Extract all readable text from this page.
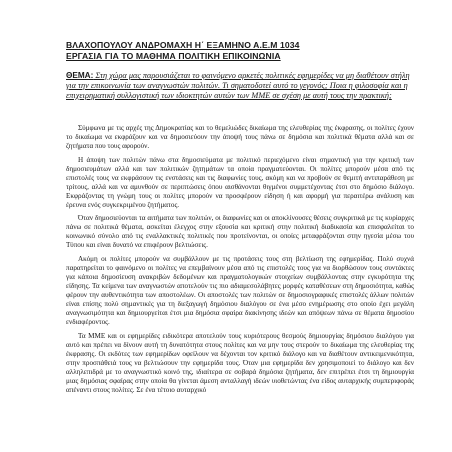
ΒΛΑΧΟΠΟΥΛΟΥ ΑΝΔΡΟΜΑΧΗ Η΄ ΕΞΑΜΗΝΟ Α.Ε.Μ 1034
ΕΡΓΑΣΙΑ ΓΙΑ ΤΟ ΜΑΘΗΜΑ ΠΟΛΙΤΙΚΗ ΕΠΙΚΟΙΝΩΝΙΑ
ΘΕΜΑ: Στη χώρα μας παρουσιάζεται το φαινόμενο αρκετές πολιτικές εφημερίδες να μη διαθέτουν στήλη για την επικοινωνία των αναγνωστών πολιτών. Τι σηματοδοτεί αυτό το γεγονός; Ποια η φιλοσοφία και η επιχειρηματική συλλογιστική των ιδιοκτητών αυτών των ΜΜΕ σε σχέση με αυτή τους την πρακτική;

Σύμφωνα με τις αρχές της Δημοκρατίας και το θεμελιώδες δικαίωμα της ελευθερίας της έκφρασης, οι πολίτες έχουν το δικαίωμα να εκφράζουν και να δημοσιεύουν την άποψή τους πάνω σε δημόσια και πολιτικά θέματα αλλά και σε ζητήματα που τους αφορούν.

Η άποψη των πολιτών πάνω στα δημοσιεύματα με πολιτικό περιεχόμενο είναι σημαντική για την κριτική των δημοσιευμάτων αλλά και των πολιτικών ζητημάτων τα οποία πραγματεύονται. Οι πολίτες μπορούν μέσα από τις επιστολές τους να εκφράσουν τις ενστάσεις και τις διαφωνίες τους, ακόμη και να προβούν σε θεμιτή αντιπαράθεση με τρίτους, αλλά και να αμυνθούν σε περιπτώσεις όπου αισθάνονται θιγμένοι συμμετέχοντας έτσι στο δημόσιο διάλογο. Εκφράζοντας τη γνώμη τους οι πολίτες μπορούν να προσφέρουν είδηση ή και αφορμή για περαιτέρω ανάλυση και έρευνα ενός συγκεκριμένου ζητήματος.

Όταν δημοσιεύονται τα αιτήματα των πολιτών, οι διαφωνίες και οι αποκλίνουσες θέσεις συγκριτικά με τις κυρίαρχες πάνω σε πολιτικά θέματα, ασκείται έλεγχος στην εξουσία και κριτική στην πολιτική διαδικασία και επισφαλείται το κοινωνικό σύνολο από τις εναλλακτικές πολιτικές που προτείνονται, οι οποίες μεταφράζονται στην ηγεσία μέσω του Τύπου και είναι δυνατό να επιφέρουν βελτιώσεις.

Ακόμη οι πολίτες μπορούν να συμβάλλουν με τις προτάσεις τους στη βελτίωση της εφημερίδας. Πολύ συχνά παρατηρείται το φαινόμενο οι πολίτες να επεμβαίνουν μέσα από τις επιστολές τους για να διορθώσουν τους συντάκτες για κάποια δημοσίευση ανακριβών δεδομένων και πραγματολογικών στοιχείων συμβάλλοντας στην εγκυρότητα της είδησης. Τα κείμενα των αναγνωστών αποτελούν τις πιο αδιαμεσολάβητες μορφές καταθέσεων στη δημοσιότητα, καθώς φέρουν την αυθεντικότητα των αποστολέων. Οι αποστολές των πολιτών σε δημοσιογραφικές επιστολές άλλων πολιτών είναι επίσης πολύ σημαντικές για τη διεξαγωγή δημόσιου διαλόγου σε ένα μέσο ενημέρωσης στο οποίο έχει μεγάλη αναγνωσιμότητα και δημιουργείται έτσι μια δημόσια σφαίρα διακίνησης ιδεών και απόψεων πάνω σε θέματα δημοσίου ενδιαφέροντος.

Τα ΜΜΕ και οι εφημερίδες ειδικότερα αποτελούν τους κυριότερους θεσμούς δημιουργίας δημόσιου διαλόγου για αυτό και πρέπει να δίνουν αυτή τη δυνατότητα στους πολίτες και να μην τους στερούν το δικαίωμα της ελευθερίας της έκφρασης. Οι εκδότες των εφημερίδων οφείλουν να δέχονται τον κριτικό διάλογο και να διαθέτουν αντικειμενικότητα, στην προσπάθειά τους να βελτιώσουν την εφημερίδα τους. Όταν μια εφημερίδα δεν χρησιμοποιεί το διάλογο και δεν αλληλεπιδρά με το αναγνωστικό κοινό της, ιδιαίτερα σε σοβαρά δημόσια ζητήματα, δεν επιτρέπει έτσι τη δημιουργία μιας δημόσιας σφαίρας στην οποία θα γίνεται άμεση ανταλλαγή ιδεών υιοθετώντας ένα είδος αυταρχικής συμπεριφοράς απέναντι στους πολίτες. Σε ένα τέτοιο αυταρχικό
